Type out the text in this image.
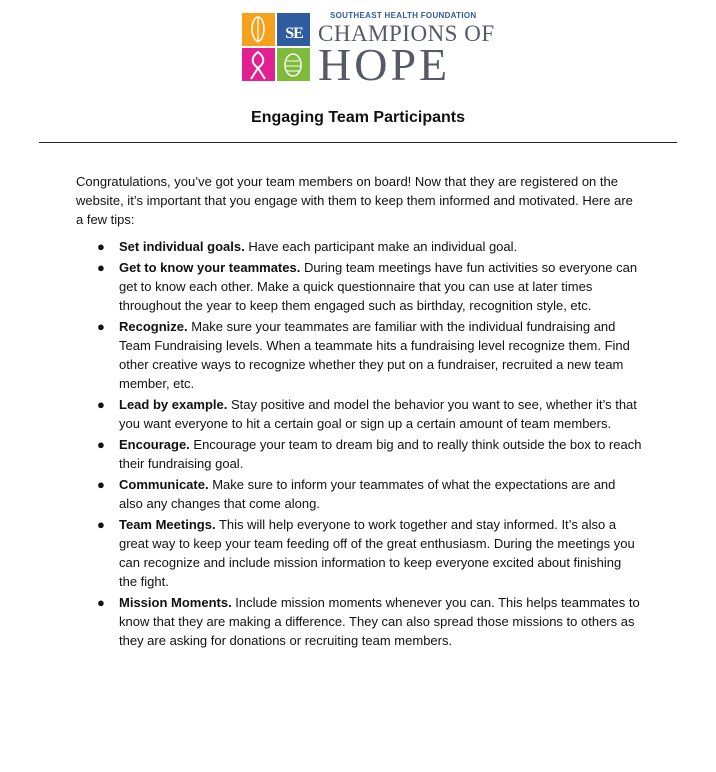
SE
SOUTHEAST HEALTH FOUNDATION
CHAMPIONS OF
HOPE
Engaging Team Participants

Congratulations, you’ve got your team members on board! Now that they are registered on the website, it’s important that you engage with them to keep them informed and motivated. Here are a few tips:

● Set individual goals. Have each participant make an individual goal.
● Get to know your teammates. During team meetings have fun activities so everyone can get to know each other. Make a quick questionnaire that you can use at later times throughout the year to keep them engaged such as birthday, recognition style, etc.
● Recognize. Make sure your teammates are familiar with the individual fundraising and Team Fundraising levels. When a teammate hits a fundraising level recognize them. Find other creative ways to recognize whether they put on a fundraiser, recruited a new team member, etc.
● Lead by example. Stay positive and model the behavior you want to see, whether it’s that you want everyone to hit a certain goal or sign up a certain amount of team members.
● Encourage. Encourage your team to dream big and to really think outside the box to reach their fundraising goal.
● Communicate. Make sure to inform your teammates of what the expectations are and also any changes that come along.
● Team Meetings. This will help everyone to work together and stay informed. It’s also a great way to keep your team feeding off of the great enthusiasm. During the meetings you can recognize and include mission information to keep everyone excited about finishing the fight.
● Mission Moments. Include mission moments whenever you can. This helps teammates to know that they are making a difference. They can also spread those missions to others as they are asking for donations or recruiting team members.
